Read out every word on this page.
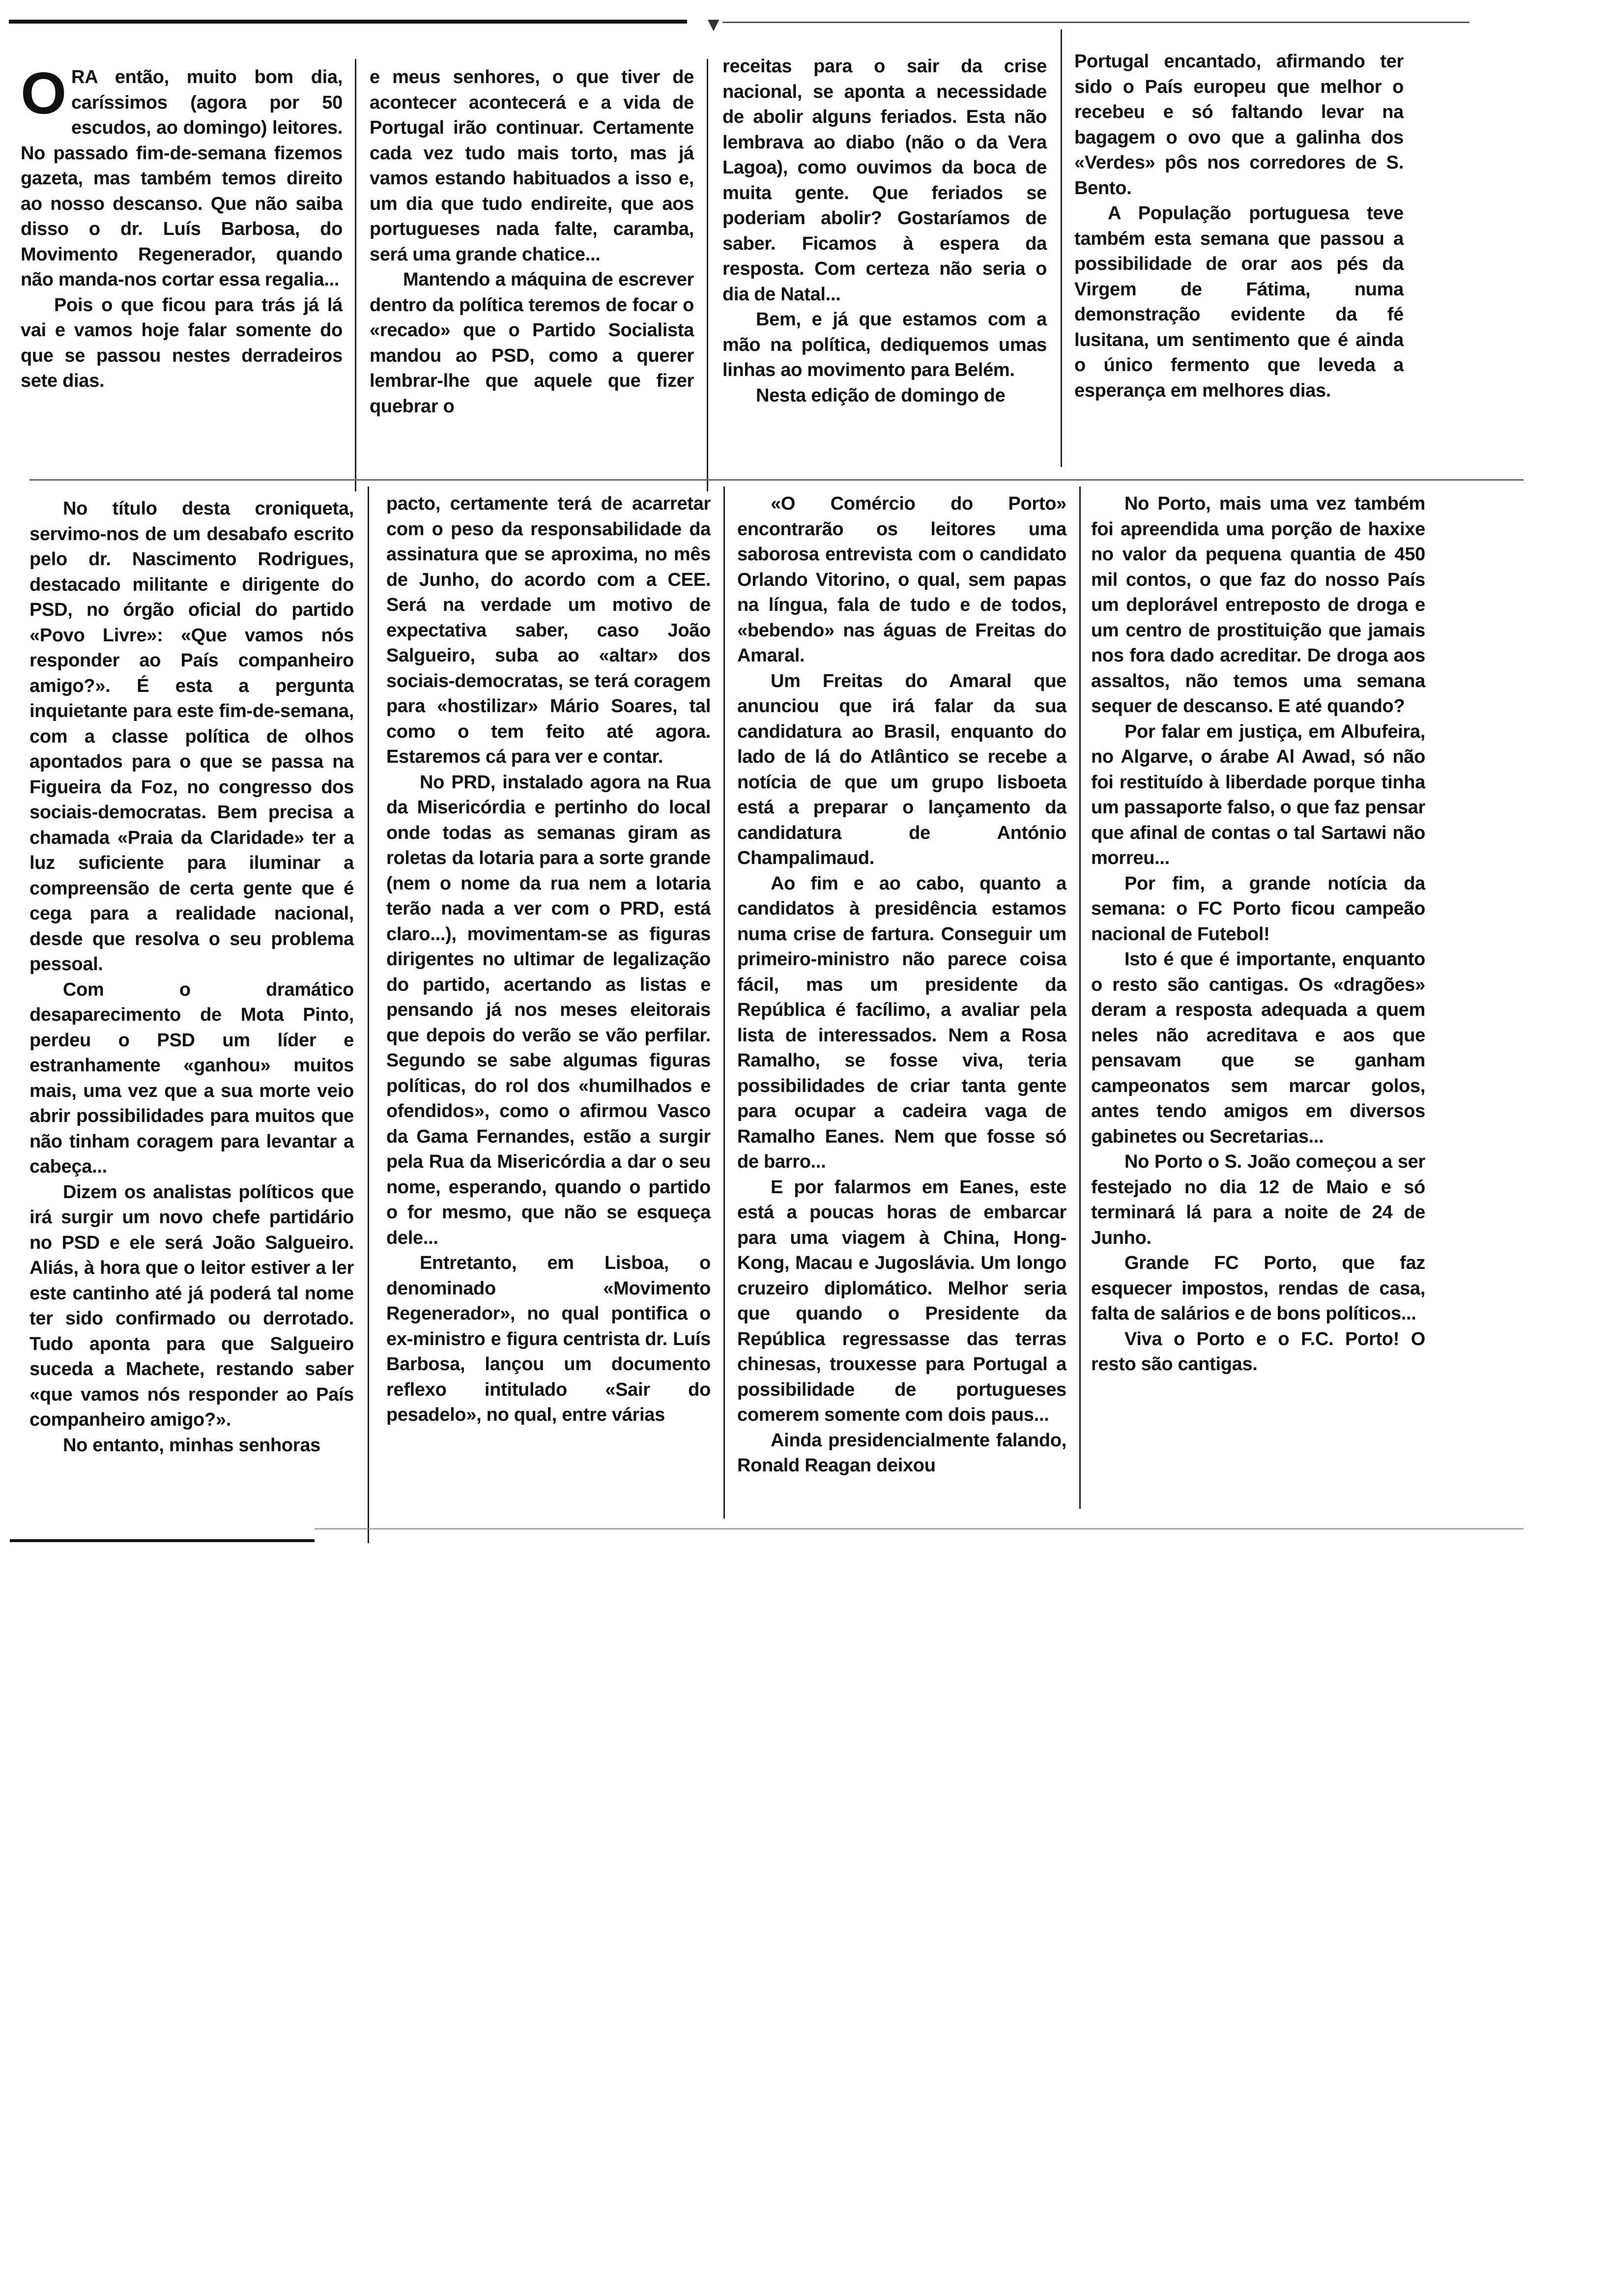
▼
O RA então, muito bom dia, caríssimos (agora por 50 escudos, ao domingo) leitores. No passado fim-de-semana fizemos gazeta, mas também temos direito ao nosso descanso. Que não saiba disso o dr. Luís Barbosa, do Movimento Regenerador, quando não manda-nos cortar essa regalia...

Pois o que ficou para trás já lá vai e vamos hoje falar somente do que se passou nestes derradeiros sete dias.

e meus senhores, o que tiver de acontecer acontecerá e a vida de Portugal irão continuar. Certamente cada vez tudo mais torto, mas já vamos estando habituados a isso e, um dia que tudo endireite, que aos portugueses nada falte, caramba, será uma grande chatice...

Mantendo a máquina de escrever dentro da política teremos de focar o «recado» que o Partido Socialista mandou ao PSD, como a querer lembrar-lhe que aquele que fizer quebrar o

receitas para o sair da crise nacional, se aponta a necessidade de abolir alguns feriados. Esta não lembrava ao diabo (não o da Vera Lagoa), como ouvimos da boca de muita gente. Que feriados se poderiam abolir? Gostaríamos de saber. Ficamos à espera da resposta. Com certeza não seria o dia de Natal...

Bem, e já que estamos com a mão na política, dediquemos umas linhas ao movimento para Belém.

Nesta edição de domingo de

Portugal encantado, afirmando ter sido o País europeu que melhor o recebeu e só faltando levar na bagagem o ovo que a galinha dos «Verdes» pôs nos corredores de S. Bento.

A População portuguesa teve também esta semana que passou a possibilidade de orar aos pés da Virgem de Fátima, numa demonstração evidente da fé lusitana, um sentimento que é ainda o único fermento que leveda a esperança em melhores dias.

No título desta croniqueta, servimo-nos de um desabafo escrito pelo dr. Nascimento Rodrigues, destacado militante e dirigente do PSD, no órgão oficial do partido «Povo Livre»: «Que vamos nós responder ao País companheiro amigo?». É esta a pergunta inquietante para este fim-de-semana, com a classe política de olhos apontados para o que se passa na Figueira da Foz, no congresso dos sociais-democratas. Bem precisa a chamada «Praia da Claridade» ter a luz suficiente para iluminar a compreensão de certa gente que é cega para a realidade nacional, desde que resolva o seu problema pessoal.

Com o dramático desaparecimento de Mota Pinto, perdeu o PSD um líder e estranhamente «ganhou» muitos mais, uma vez que a sua morte veio abrir possibilidades para muitos que não tinham coragem para levantar a cabeça...

Dizem os analistas políticos que irá surgir um novo chefe partidário no PSD e ele será João Salgueiro. Aliás, à hora que o leitor estiver a ler este cantinho até já poderá tal nome ter sido confirmado ou derrotado. Tudo aponta para que Salgueiro suceda a Machete, restando saber «que vamos nós responder ao País companheiro amigo?».

No entanto, minhas senhoras

pacto, certamente terá de acarretar com o peso da responsabilidade da assinatura que se aproxima, no mês de Junho, do acordo com a CEE. Será na verdade um motivo de expectativa saber, caso João Salgueiro, suba ao «altar» dos sociais-democratas, se terá coragem para «hostilizar» Mário Soares, tal como o tem feito até agora. Estaremos cá para ver e contar.

No PRD, instalado agora na Rua da Misericórdia e pertinho do local onde todas as semanas giram as roletas da lotaria para a sorte grande (nem o nome da rua nem a lotaria terão nada a ver com o PRD, está claro...), movimentam-se as figuras dirigentes no ultimar de legalização do partido, acertando as listas e pensando já nos meses eleitorais que depois do verão se vão perfilar. Segundo se sabe algumas figuras políticas, do rol dos «humilhados e ofendidos», como o afirmou Vasco da Gama Fernandes, estão a surgir pela Rua da Misericórdia a dar o seu nome, esperando, quando o partido o for mesmo, que não se esqueça dele...

Entretanto, em Lisboa, o denominado «Movimento Regenerador», no qual pontifica o ex-ministro e figura centrista dr. Luís Barbosa, lançou um documento reflexo intitulado «Sair do pesadelo», no qual, entre várias

«O Comércio do Porto» encontrarão os leitores uma saborosa entrevista com o candidato Orlando Vitorino, o qual, sem papas na língua, fala de tudo e de todos, «bebendo» nas águas de Freitas do Amaral.

Um Freitas do Amaral que anunciou que irá falar da sua candidatura ao Brasil, enquanto do lado de lá do Atlântico se recebe a notícia de que um grupo lisboeta está a preparar o lançamento da candidatura de António Champalimaud.

Ao fim e ao cabo, quanto a candidatos à presidência estamos numa crise de fartura. Conseguir um primeiro-ministro não parece coisa fácil, mas um presidente da República é facílimo, a avaliar pela lista de interessados. Nem a Rosa Ramalho, se fosse viva, teria possibilidades de criar tanta gente para ocupar a cadeira vaga de Ramalho Eanes. Nem que fosse só de barro...

E por falarmos em Eanes, este está a poucas horas de embarcar para uma viagem à China, Hong-Kong, Macau e Jugoslávia. Um longo cruzeiro diplomático. Melhor seria que quando o Presidente da República regressasse das terras chinesas, trouxesse para Portugal a possibilidade de portugueses comerem somente com dois paus...

Ainda presidencialmente falando, Ronald Reagan deixou

No Porto, mais uma vez também foi apreendida uma porção de haxixe no valor da pequena quantia de 450 mil contos, o que faz do nosso País um deplorável entreposto de droga e um centro de prostituição que jamais nos fora dado acreditar. De droga aos assaltos, não temos uma semana sequer de descanso. E até quando?

Por falar em justiça, em Albufeira, no Algarve, o árabe Al Awad, só não foi restituído à liberdade porque tinha um passaporte falso, o que faz pensar que afinal de contas o tal Sartawi não morreu...

Por fim, a grande notícia da semana: o FC Porto ficou campeão nacional de Futebol!

Isto é que é importante, enquanto o resto são cantigas. Os «dragões» deram a resposta adequada a quem neles não acreditava e aos que pensavam que se ganham campeonatos sem marcar golos, antes tendo amigos em diversos gabinetes ou Secretarias...

No Porto o S. João começou a ser festejado no dia 12 de Maio e só terminará lá para a noite de 24 de Junho.

Grande FC Porto, que faz esquecer impostos, rendas de casa, falta de salários e de bons políticos...

Viva o Porto e o F.C. Porto! O resto são cantigas.
